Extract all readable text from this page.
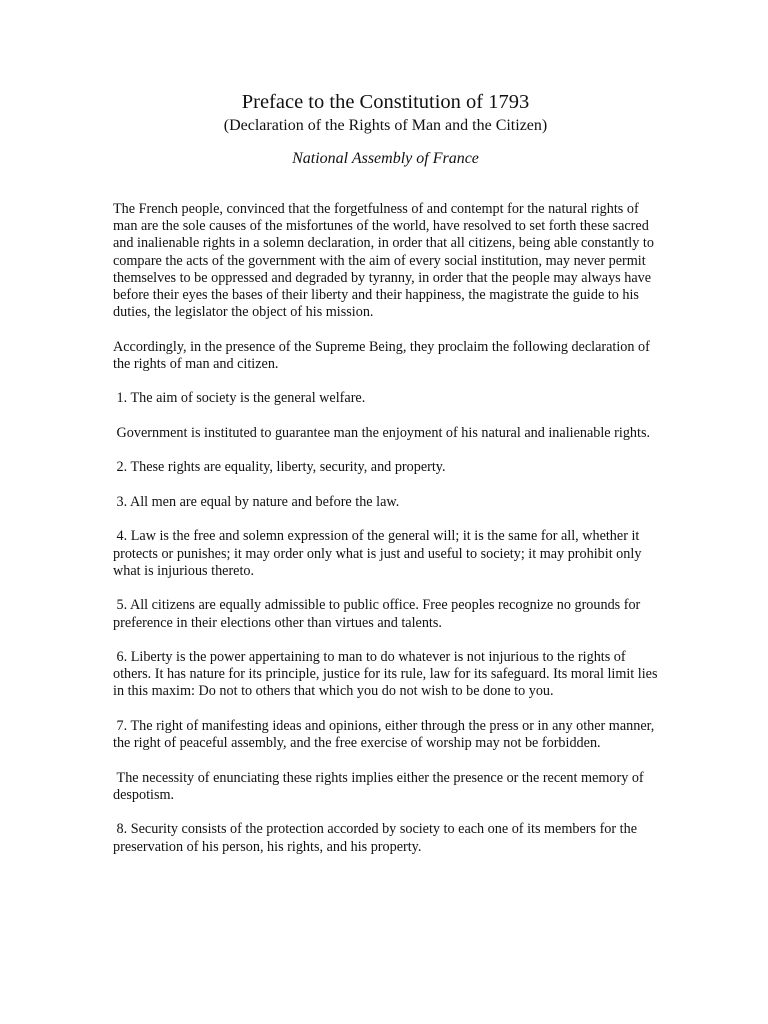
Preface to the Constitution of 1793

(Declaration of the Rights of Man and the Citizen)

National Assembly of France

The French people, convinced that the forgetfulness of and contempt for the natural rights of man are the sole causes of the misfortunes of the world, have resolved to set forth these sacred and inalienable rights in a solemn declaration, in order that all citizens, being able constantly to compare the acts of the government with the aim of every social institution, may never permit themselves to be oppressed and degraded by tyranny, in order that the people may always have before their eyes the bases of their liberty and their happiness, the magistrate the guide to his duties, the legislator the object of his mission.

Accordingly, in the presence of the Supreme Being, they proclaim the following declaration of the rights of man and citizen.

1. The aim of society is the general welfare.

Government is instituted to guarantee man the enjoyment of his natural and inalienable rights.

2. These rights are equality, liberty, security, and property.

3. All men are equal by nature and before the law.

4. Law is the free and solemn expression of the general will; it is the same for all, whether it protects or punishes; it may order only what is just and useful to society; it may prohibit only what is injurious thereto.

5. All citizens are equally admissible to public office. Free peoples recognize no grounds for preference in their elections other than virtues and talents.

6. Liberty is the power appertaining to man to do whatever is not injurious to the rights of others. It has nature for its principle, justice for its rule, law for its safeguard. Its moral limit lies in this maxim: Do not to others that which you do not wish to be done to you.

7. The right of manifesting ideas and opinions, either through the press or in any other manner, the right of peaceful assembly, and the free exercise of worship may not be forbidden.

The necessity of enunciating these rights implies either the presence or the recent memory of despotism.

8. Security consists of the protection accorded by society to each one of its members for the preservation of his person, his rights, and his property.
